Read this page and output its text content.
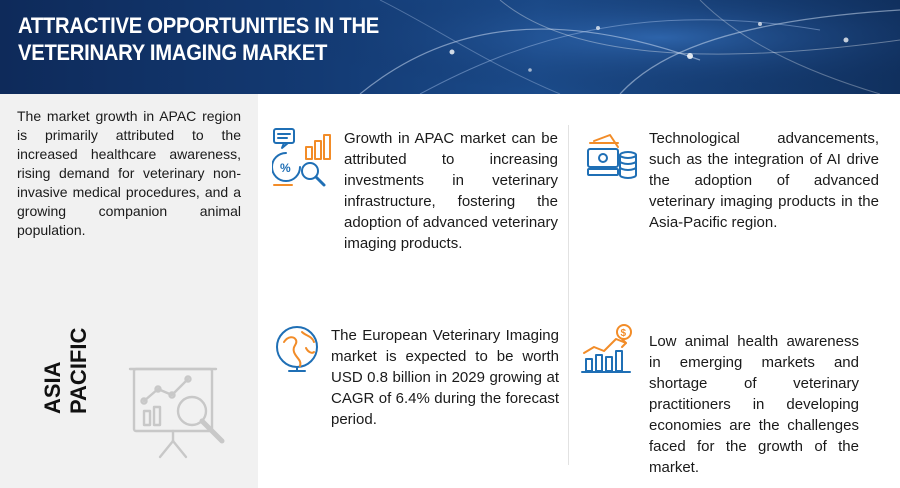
ATTRACTIVE OPPORTUNITIES IN THE
VETERINARY IMAGING MARKET

The market growth in APAC region is primarily attributed to the increased healthcare awareness, rising demand for veterinary non-invasive medical procedures, and a growing companion animal population.

ASIA PACIFIC
%

Growth in APAC market can be attributed to increasing investments in veterinary infrastructure, fostering the adoption of advanced veterinary imaging products.

Technological advancements, such as the integration of AI drive the adoption of advanced veterinary imaging products in the Asia-Pacific region.

The European Veterinary Imaging market is expected to be worth USD 0.8 billion in 2029 growing at CAGR of 6.4% during the forecast period.

$ Low animal health awareness in emerging markets and shortage of veterinary practitioners in developing economies are the challenges faced for the growth of the market.
